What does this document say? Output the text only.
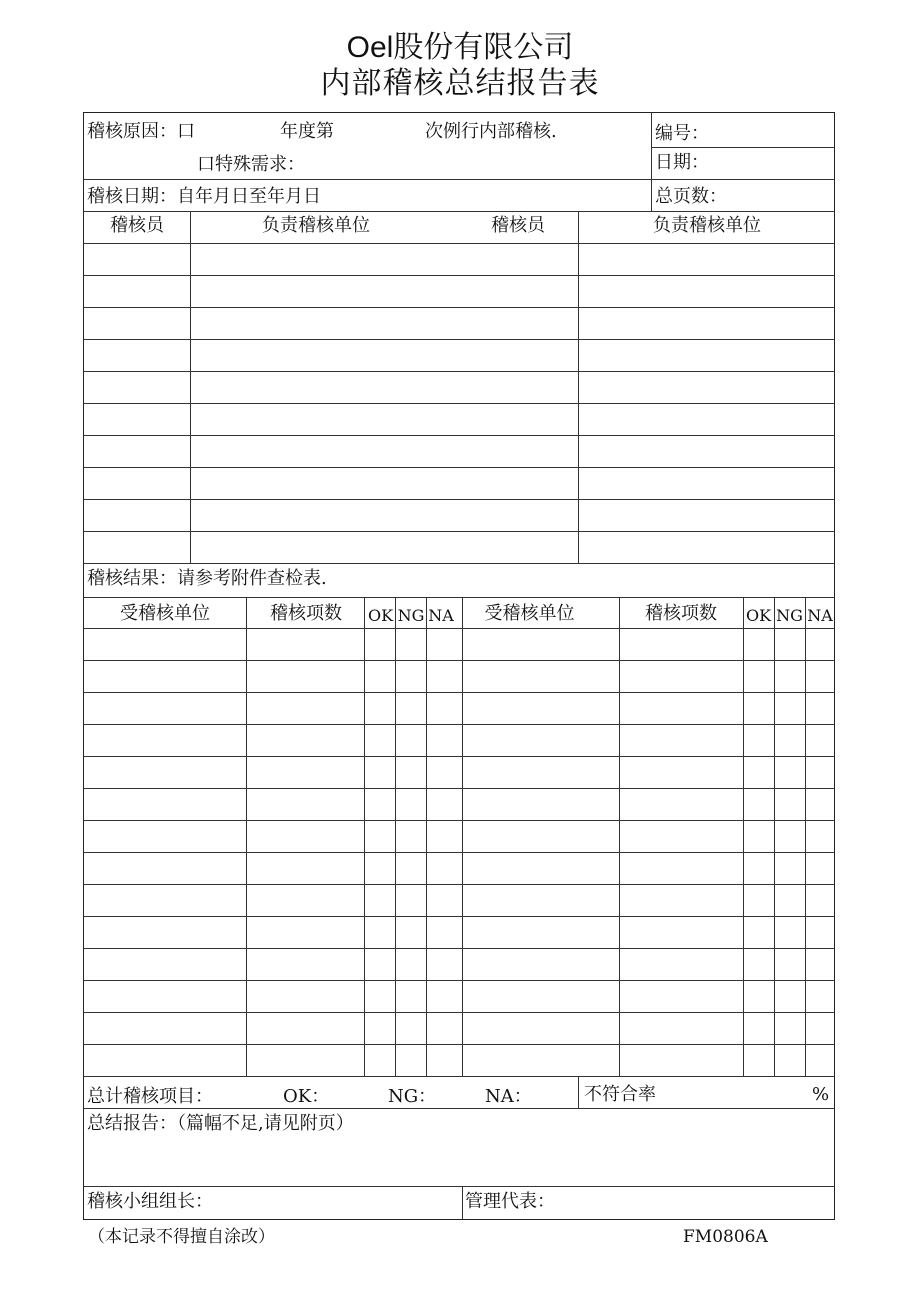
Oel股份有限公司
内部稽核总结报告表
稽核原因：口	年度第	次例行内部稽核.
口特殊需求：
编号：
日期：
稽核日期：自年月日至年月日	总页数：
稽核员	负责稽核单位	稽核员	负责稽核单位
稽核结果：请参考附件查检表.
受稽核单位	稽核项数	OK NG NA	受稽核单位	稽核项数	OK NG NA
总计稽核项目：	OK：	NG：	NA：	不符合率	%
总结报告：（篇幅不足,请见附页）
稽核小组组长：	管理代表：
（本记录不得擅自涂改）	FM0806A
